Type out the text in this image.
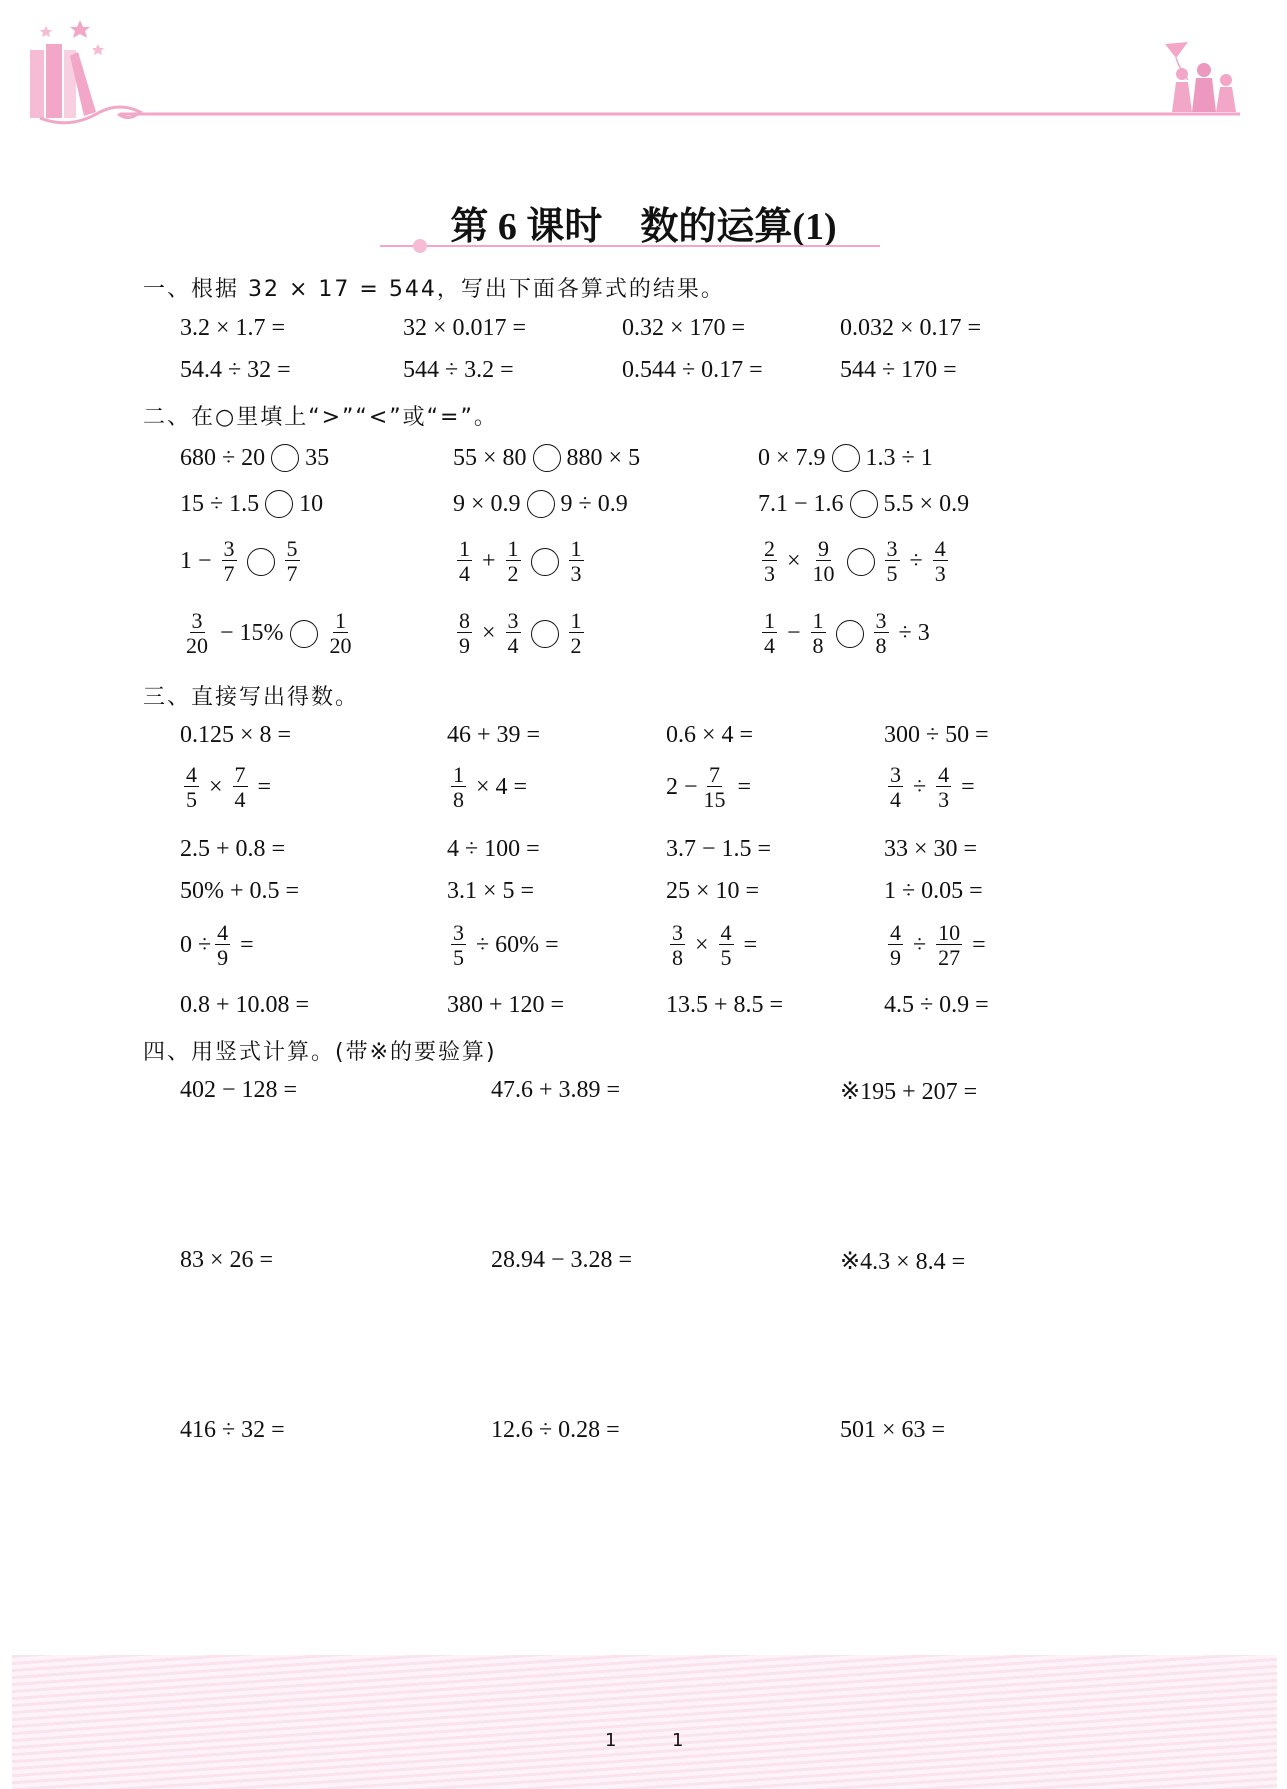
第 6 课时　数的运算(1)
一、根据 32 × 17 = 544，写出下面各算式的结果。
3.2 × 1.7 =	32 × 0.017 =	0.32 × 170 =	0.032 × 0.17 =
54.4 ÷ 32 =	544 ÷ 3.2 =	0.544 ÷ 0.17 =	544 ÷ 170 =
二、在○里填上“>”“<”或“=”。
680 ÷ 20 35	55 × 80 880 × 5	0 × 7.9 1.3 ÷ 1
15 ÷ 1.5 10	9 × 0.9 9 ÷ 0.9	7.1 − 1.6 5.5 × 0.9
$1 - \frac{3}{7} \frac{5}{7}$	$\frac{1}{4} + \frac{1}{2} \frac{1}{3}$	$\frac{2}{3} \times \frac{9}{10} \frac{3}{5} \div \frac{4}{3}$
$\frac{3}{20} - 15\% \frac{1}{20}$	$\frac{8}{9} \times \frac{3}{4} \frac{1}{2}$	$\frac{1}{4} - \frac{1}{8} \frac{3}{8} \div 3$
三、直接写出得数。
0.125 × 8 =	46 + 39 =	0.6 × 4 =	300 ÷ 50 =
$\frac{4}{5} \times \frac{7}{4}$ =	$\frac{1}{8} \times 4$ =	$2 - \frac{7}{15}$ =	$\frac{3}{4} \div \frac{4}{3}$ =
2.5 + 0.8 =	4 ÷ 100 =	3.7 − 1.5 =	33 × 30 =
50% + 0.5 =	3.1 × 5 =	25 × 10 =	1 ÷ 0.05 =
$0 \div \frac{4}{9}$ =	$\frac{3}{5} \div 60\%$ =	$\frac{3}{8} \times \frac{4}{5}$ =	$\frac{4}{9} \div \frac{10}{27}$ =
0.8 + 10.08 =	380 + 120 =	13.5 + 8.5 =	4.5 ÷ 0.9 =
四、用竖式计算。(带※的要验算)
402 − 128 =	47.6 + 3.89 =	※195 + 207 =
83 × 26 =	28.94 − 3.28 =	※4.3 × 8.4 =
416 ÷ 32 =	12.6 ÷ 0.28 =	501 × 63 =
1	1
